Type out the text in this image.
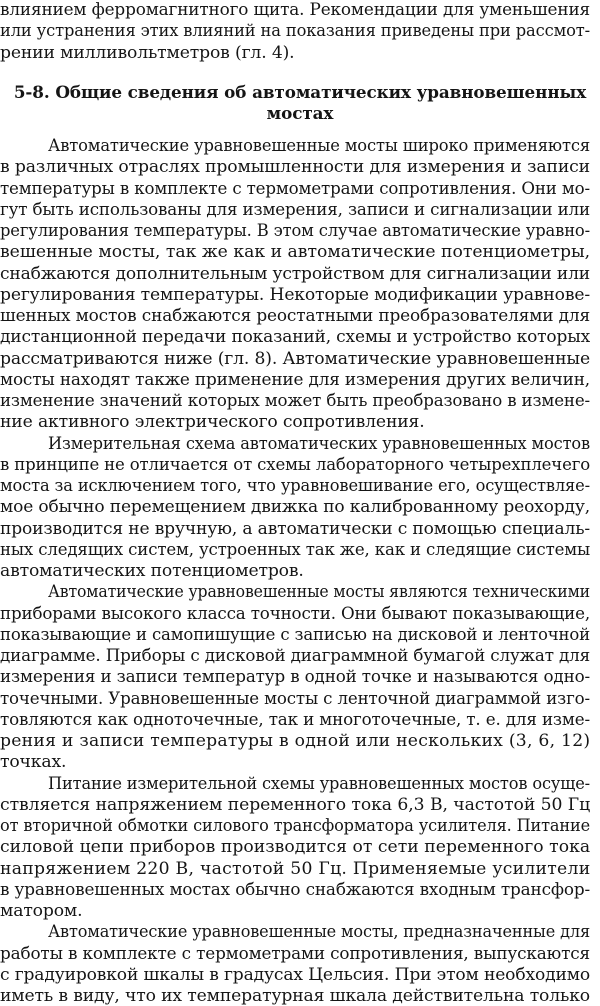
влиянием ферромагнитного щита. Рекомендации для уменьшения
или устранения этих влияний на показания приведены при рассмот-
рении милливольтметров (гл. 4).
5-8. Общие сведения об автоматических уравновешенных
мостах
Автоматические уравновешенные мосты широко применяются
в различных отраслях промышленности для измерения и записи
температуры в комплекте с термометрами сопротивления. Они мо-
гут быть использованы для измерения, записи и сигнализации или
регулирования температуры. В этом случае автоматические уравно-
вешенные мосты, так же как и автоматические потенциометры,
снабжаются дополнительным устройством для сигнализации или
регулирования температуры. Некоторые модификации уравнове-
шенных мостов снабжаются реостатными преобразователями для
дистанционной передачи показаний, схемы и устройство которых
рассматриваются ниже (гл. 8). Автоматические уравновешенные
мосты находят также применение для измерения других величин,
изменение значений которых может быть преобразовано в измене-
ние активного электрического сопротивления.
Измерительная схема автоматических уравновешенных мостов
в принципе не отличается от схемы лабораторного четырехплечего
моста за исключением того, что уравновешивание его, осуществляе-
мое обычно перемещением движка по калиброванному реохорду,
производится не вручную, а автоматически с помощью специаль-
ных следящих систем, устроенных так же, как и следящие системы
автоматических потенциометров.
Автоматические уравновешенные мосты являются техническими
приборами высокого класса точности. Они бывают показывающие,
показывающие и самопишущие с записью на дисковой и ленточной
диаграмме. Приборы с дисковой диаграммной бумагой служат для
измерения и записи температур в одной точке и называются одно-
точечными. Уравновешенные мосты с ленточной диаграммой изго-
товляются как одноточечные, так и многоточечные, т. е. для изме-
рения и записи температуры в одной или нескольких (3, 6, 12)
точках.
Питание измерительной схемы уравновешенных мостов осуще-
ствляется напряжением переменного тока 6,3 В, частотой 50 Гц
от вторичной обмотки силового трансформатора усилителя. Питание
силовой цепи приборов производится от сети переменного тока
напряжением 220 В, частотой 50 Гц. Применяемые усилители
в уравновешенных мостах обычно снабжаются входным трансфор-
матором.
Автоматические уравновешенные мосты, предназначенные для
работы в комплекте с термометрами сопротивления, выпускаются
с градуировкой шкалы в градусах Цельсия. При этом необходимо
иметь в виду, что их температурная шкала действительна только
